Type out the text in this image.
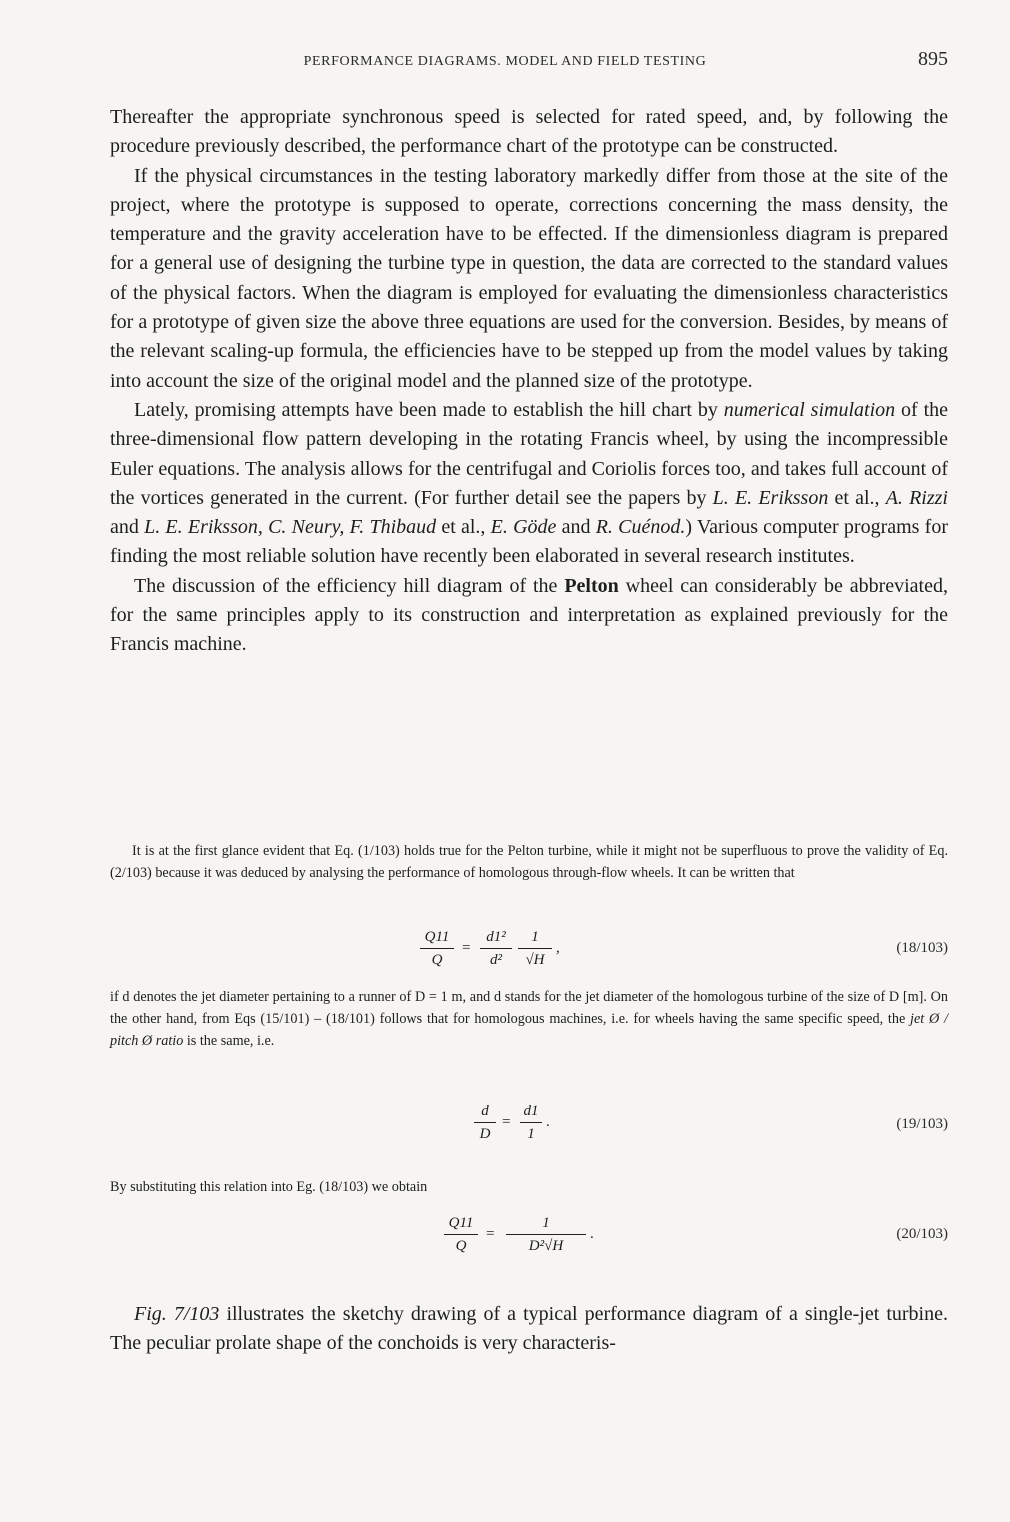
PERFORMANCE DIAGRAMS. MODEL AND FIELD TESTING	895

Thereafter the appropriate synchronous speed is selected for rated speed, and, by following the procedure previously described, the performance chart of the prototype can be constructed.

If the physical circumstances in the testing laboratory markedly differ from those at the site of the project, where the prototype is supposed to operate, corrections concerning the mass density, the temperature and the gravity acceleration have to be effected. If the dimensionless diagram is prepared for a general use of designing the turbine type in question, the data are corrected to the standard values of the physical factors. When the diagram is employed for evaluating the dimensionless characteristics for a prototype of given size the above three equations are used for the conversion. Besides, by means of the relevant scaling-up formula, the efficiencies have to be stepped up from the model values by taking into account the size of the original model and the planned size of the prototype.

Lately, promising attempts have been made to establish the hill chart by numerical simulation of the three-dimensional flow pattern developing in the rotating Francis wheel, by using the incompressible Euler equations. The analysis allows for the centrifugal and Coriolis forces too, and takes full account of the vortices generated in the current. (For further detail see the papers by L. E. Eriksson et al., A. Rizzi and L. E. Eriksson, C. Neury, F. Thibaud et al., E. Göde and R. Cuénod.) Various computer programs for finding the most reliable solution have recently been elaborated in several research institutes.

The discussion of the efficiency hill diagram of the Pelton wheel can considerably be abbreviated, for the same principles apply to its construction and interpretation as explained previously for the Francis machine.

It is at the first glance evident that Eq. (1/103) holds true for the Pelton turbine, while it might not be superfluous to prove the validity of Eq. (2/103) because it was deduced by analysing the performance of homologous through-flow wheels. It can be written that

Q11
Q
=
d1²
d²
1
√H
,	(18/103)

if d denotes the jet diameter pertaining to a runner of D = 1 m, and d stands for the jet diameter of the homologous turbine of the size of D [m]. On the other hand, from Eqs (15/101) – (18/101) follows that for homologous machines, i.e. for wheels having the same specific speed, the jet Ø / pitch Ø ratio is the same, i.e.

d
D
=
d1
1
.	(19/103)

By substituting this relation into Eg. (18/103) we obtain

Q11
Q
=
1
D²√H
.	(20/103)

Fig. 7/103 illustrates the sketchy drawing of a typical performance diagram of a single-jet turbine. The peculiar prolate shape of the conchoids is very characteris-
